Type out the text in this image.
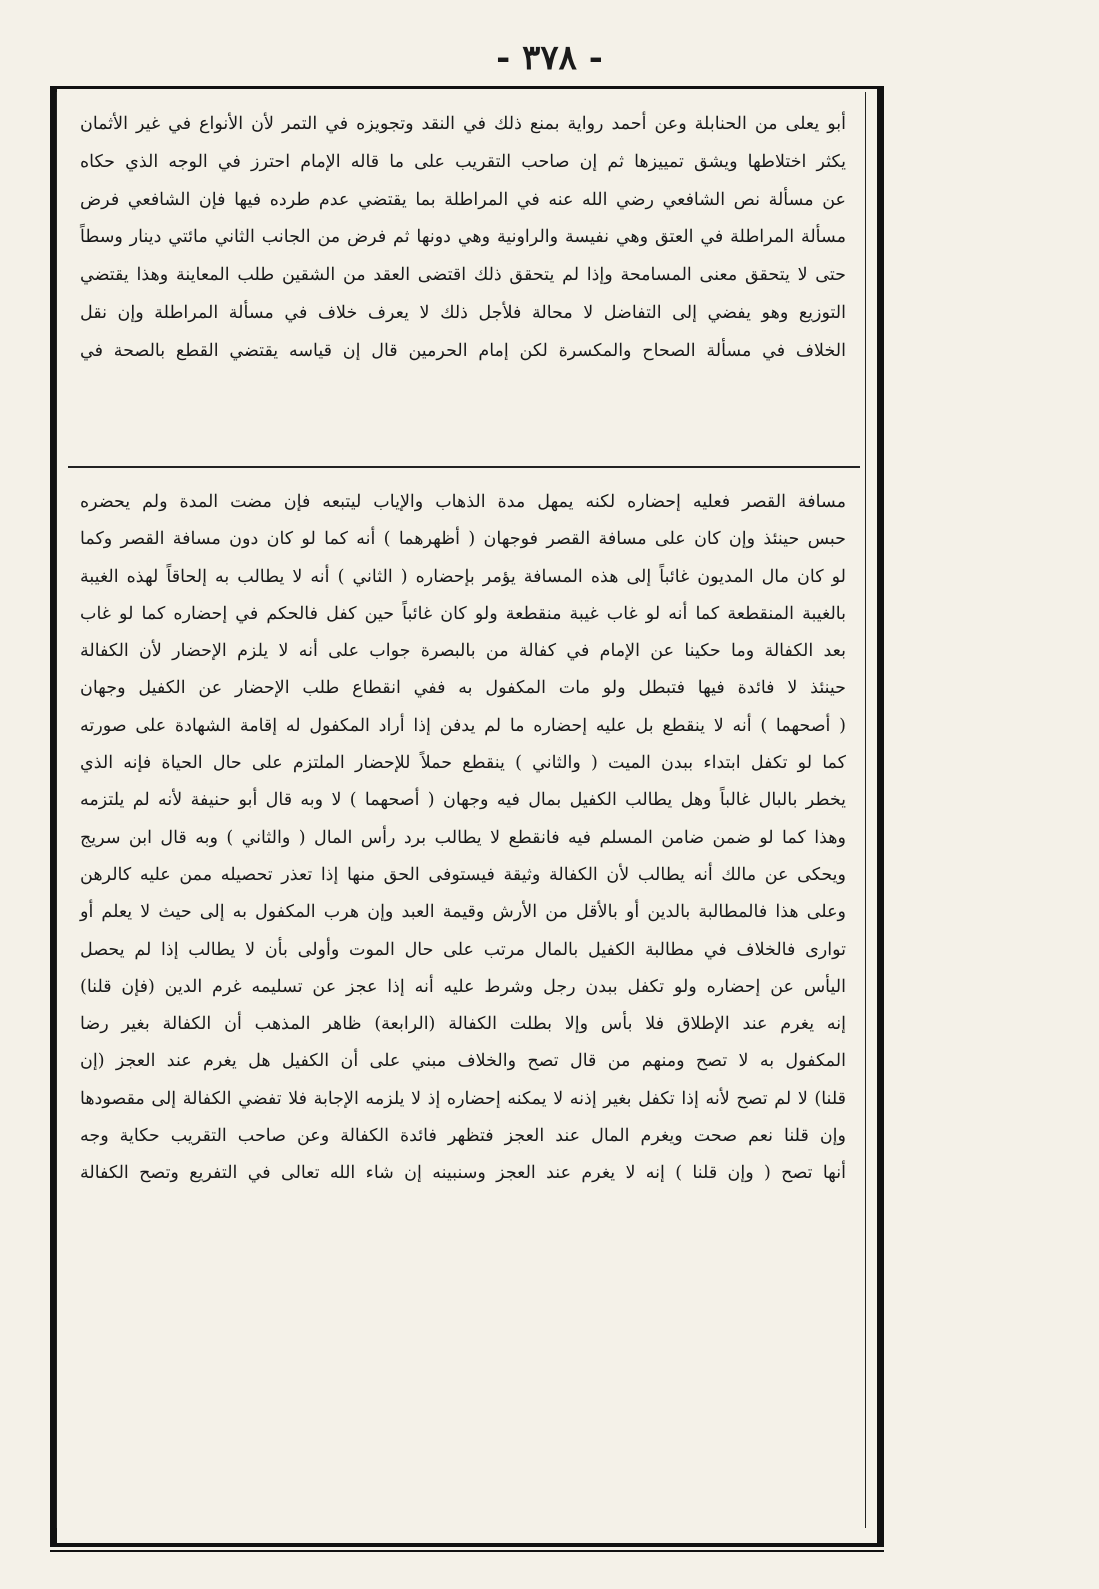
- ٣٧٨ -
أبو يعلى من الحنابلة وعن أحمد رواية بمنع ذلك في النقد وتجويزه في التمر لأن الأنواع في غير الأثمان
يكثر اختلاطها ويشق تمييزها ثم إن صاحب التقريب على ما قاله الإمام احترز في الوجه الذي حكاه
عن مسألة نص الشافعي رضي الله عنه في المراطلة بما يقتضي عدم طرده فيها فإن الشافعي فرض
مسألة المراطلة في العتق وهي نفيسة والراونية وهي دونها ثم فرض من الجانب الثاني مائتي دينار وسطاً
حتى لا يتحقق معنى المسامحة وإذا لم يتحقق ذلك اقتضى العقد من الشقين طلب المعاينة وهذا يقتضي
التوزيع وهو يفضي إلى التفاضل لا محالة فلأجل ذلك لا يعرف خلاف في مسألة المراطلة وإن نقل
الخلاف في مسألة الصحاح والمكسرة لكن إمام الحرمين قال إن قياسه يقتضي القطع بالصحة في
مسافة القصر فعليه إحضاره لكنه يمهل مدة الذهاب والإياب ليتبعه فإن مضت المدة ولم يحضره
حبس حينئذ وإن كان على مسافة القصر فوجهان ( أظهرهما ) أنه كما لو كان دون مسافة القصر وكما
لو كان مال المديون غائباً إلى هذه المسافة يؤمر بإحضاره ( الثاني ) أنه لا يطالب به إلحاقاً لهذه الغيبة
بالغيبة المنقطعة كما أنه لو غاب غيبة منقطعة ولو كان غائباً حين كفل فالحكم في إحضاره كما لو غاب
بعد الكفالة وما حكينا عن الإمام في كفالة من بالبصرة جواب على أنه لا يلزم الإحضار لأن الكفالة
حينئذ لا فائدة فيها فتبطل ولو مات المكفول به ففي انقطاع طلب الإحضار عن الكفيل وجهان
( أصحهما ) أنه لا ينقطع بل عليه إحضاره ما لم يدفن إذا أراد المكفول له إقامة الشهادة على صورته
كما لو تكفل ابتداء ببدن الميت ( والثاني ) ينقطع حملاً للإحضار الملتزم على حال الحياة فإنه الذي
يخطر بالبال غالباً وهل يطالب الكفيل بمال فيه وجهان ( أصحهما ) لا وبه قال أبو حنيفة لأنه لم يلتزمه
وهذا كما لو ضمن ضامن المسلم فيه فانقطع لا يطالب برد رأس المال ( والثاني ) وبه قال ابن سريج
ويحكى عن مالك أنه يطالب لأن الكفالة وثيقة فيستوفى الحق منها إذا تعذر تحصيله ممن عليه كالرهن
وعلى هذا فالمطالبة بالدين أو بالأقل من الأرش وقيمة العبد وإن هرب المكفول به إلى حيث لا يعلم أو
توارى فالخلاف في مطالبة الكفيل بالمال مرتب على حال الموت وأولى بأن لا يطالب إذا لم يحصل
اليأس عن إحضاره ولو تكفل ببدن رجل وشرط عليه أنه إذا عجز عن تسليمه غرم الدين (فإن قلنا)
إنه يغرم عند الإطلاق فلا بأس وإلا بطلت الكفالة (الرابعة) ظاهر المذهب أن الكفالة بغير رضا
المكفول به لا تصح ومنهم من قال تصح والخلاف مبني على أن الكفيل هل يغرم عند العجز (إن
قلنا) لا لم تصح لأنه إذا تكفل بغير إذنه لا يمكنه إحضاره إذ لا يلزمه الإجابة فلا تفضي الكفالة إلى مقصودها
وإن قلنا نعم صحت ويغرم المال عند العجز فتظهر فائدة الكفالة وعن صاحب التقريب حكاية وجه
أنها تصح ( وإن قلنا ) إنه لا يغرم عند العجز وسنبينه إن شاء الله تعالى في التفريع وتصح الكفالة
